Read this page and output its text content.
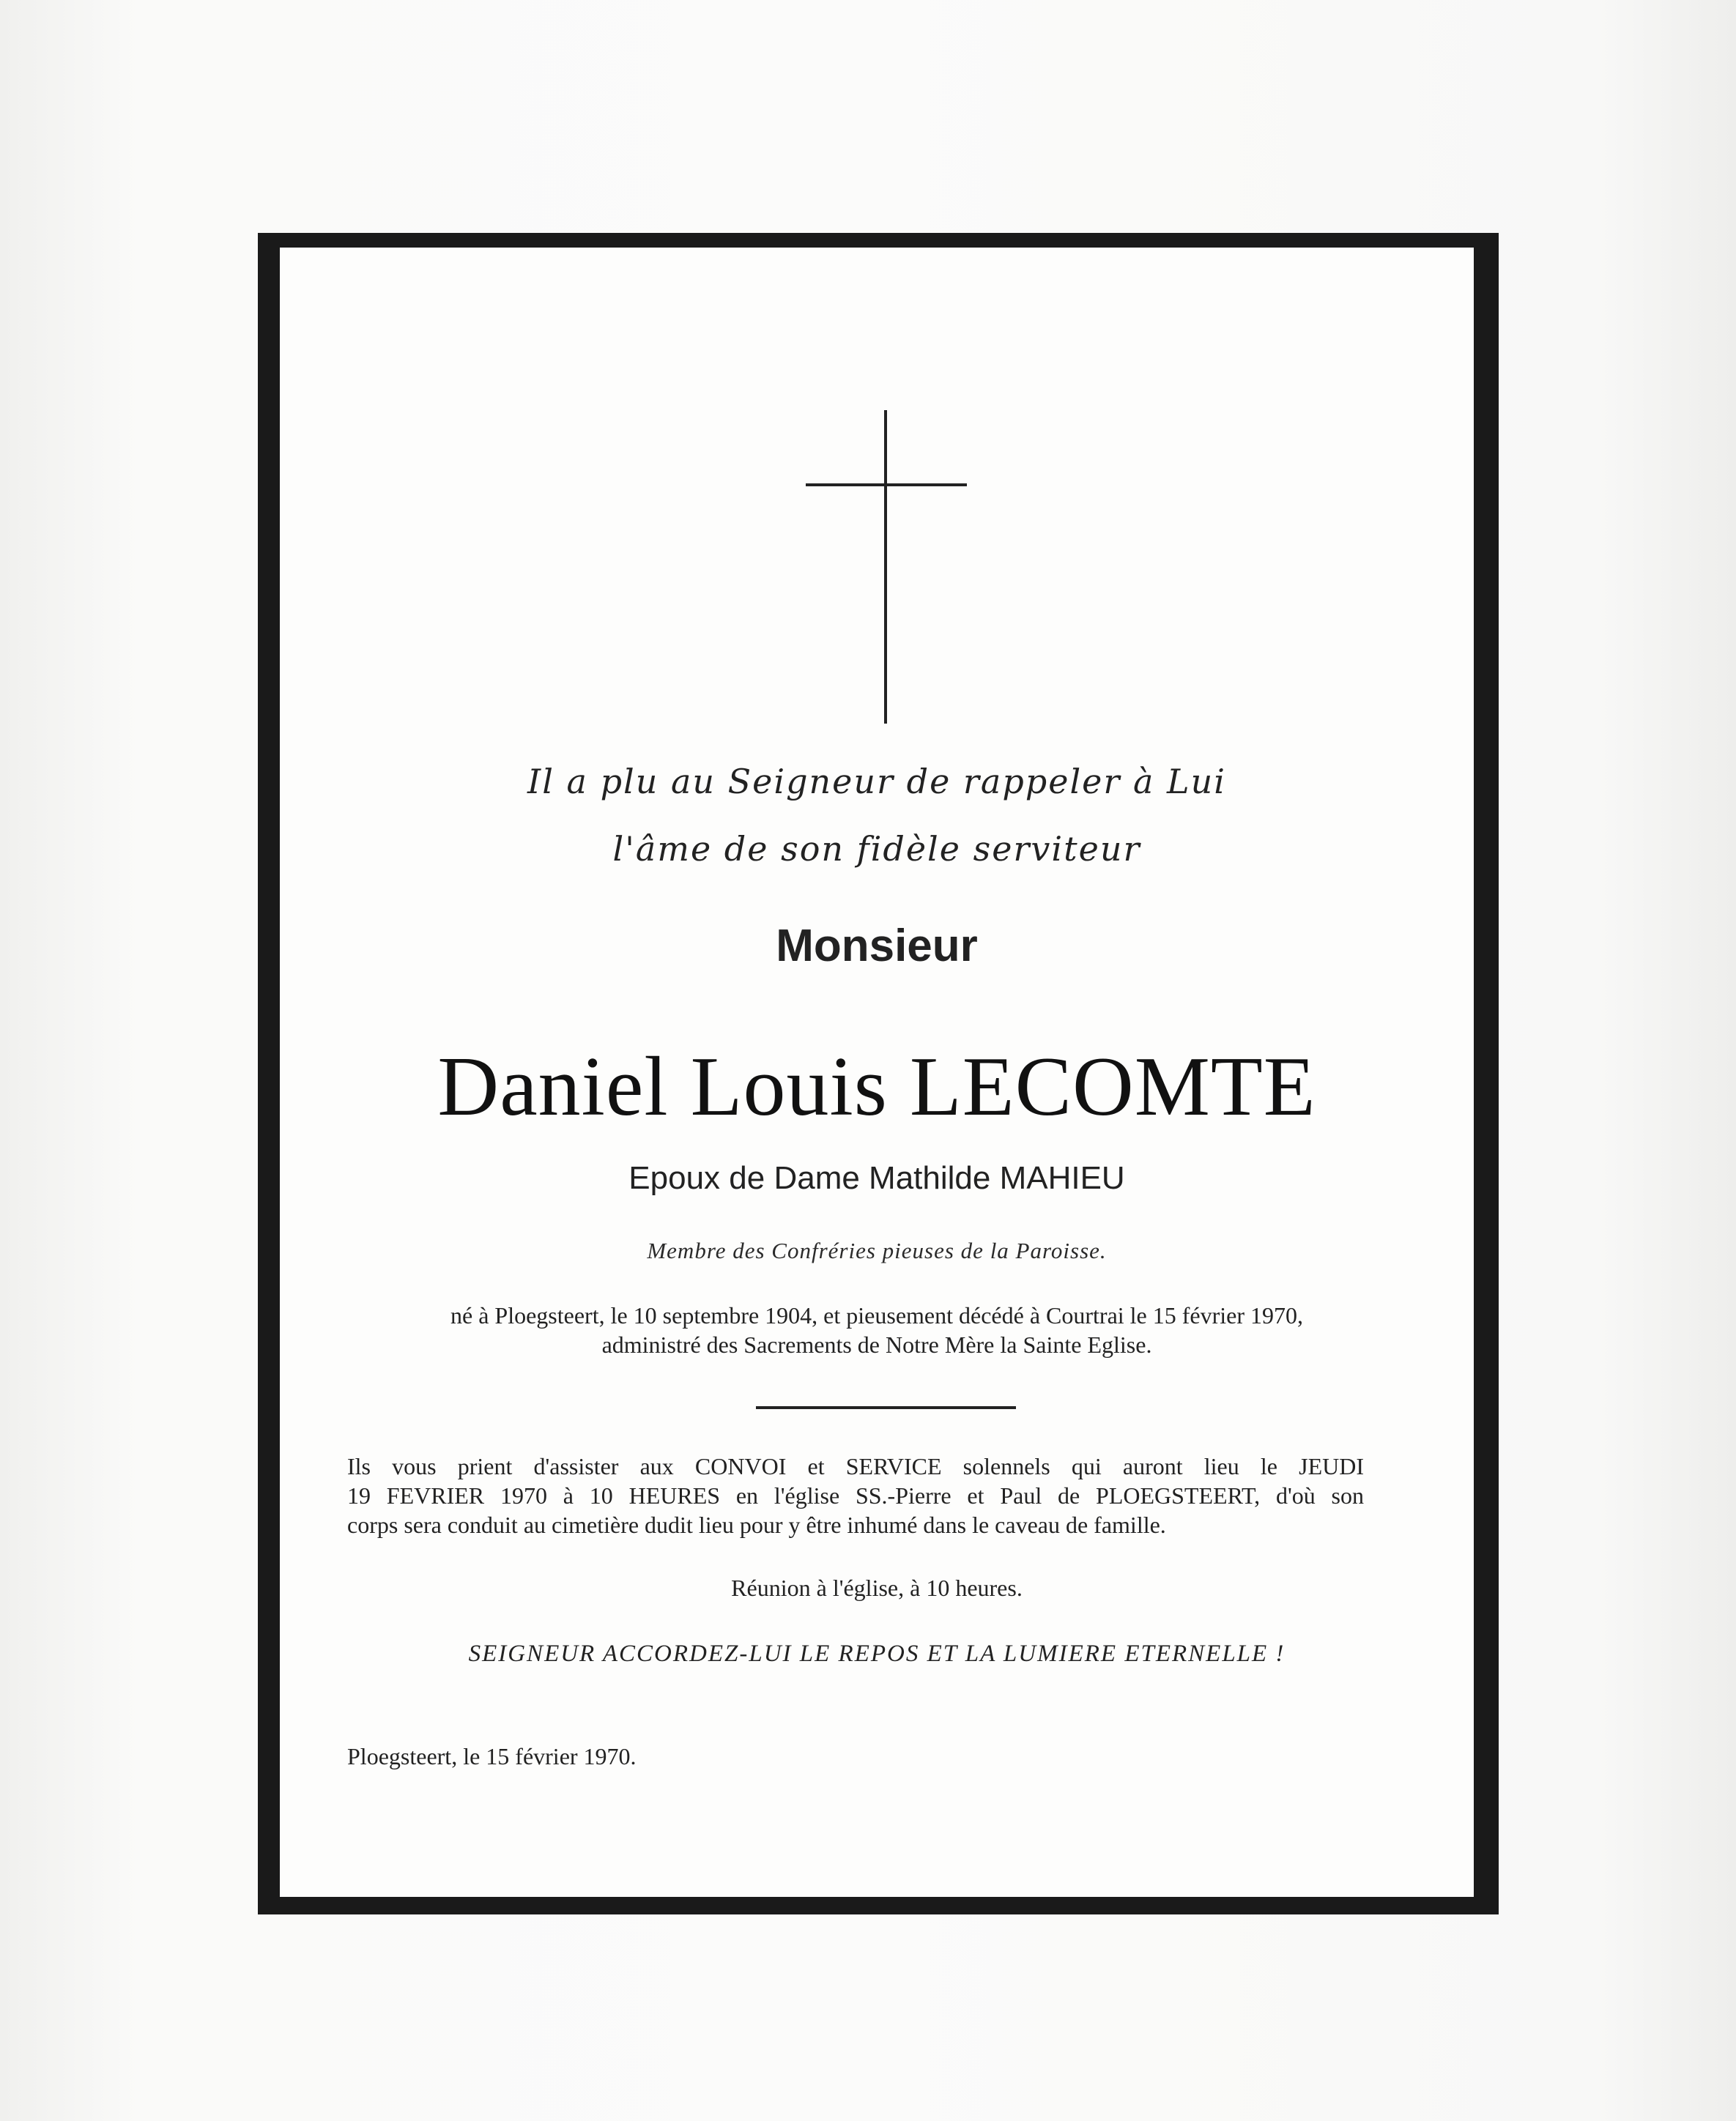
Il a plu au Seigneur de rappeler à Lui
l'âme de son fidèle serviteur
Monsieur
Daniel Louis LECOMTE
Epoux de Dame Mathilde MAHIEU
Membre des Confréries pieuses de la Paroisse.
né à Ploegsteert, le 10 septembre 1904, et pieusement décédé à Courtrai le 15 février 1970,
administré des Sacrements de Notre Mère la Sainte Eglise.
Ils vous prient d'assister aux CONVOI et SERVICE solennels qui auront lieu le JEUDI
19 FEVRIER 1970 à 10 HEURES en l'église SS.-Pierre et Paul de PLOEGSTEERT, d'où son
corps sera conduit au cimetière dudit lieu pour y être inhumé dans le caveau de famille.
Réunion à l'église, à 10 heures.
SEIGNEUR ACCORDEZ-LUI LE REPOS ET LA LUMIERE ETERNELLE !
Ploegsteert, le 15 février 1970.
